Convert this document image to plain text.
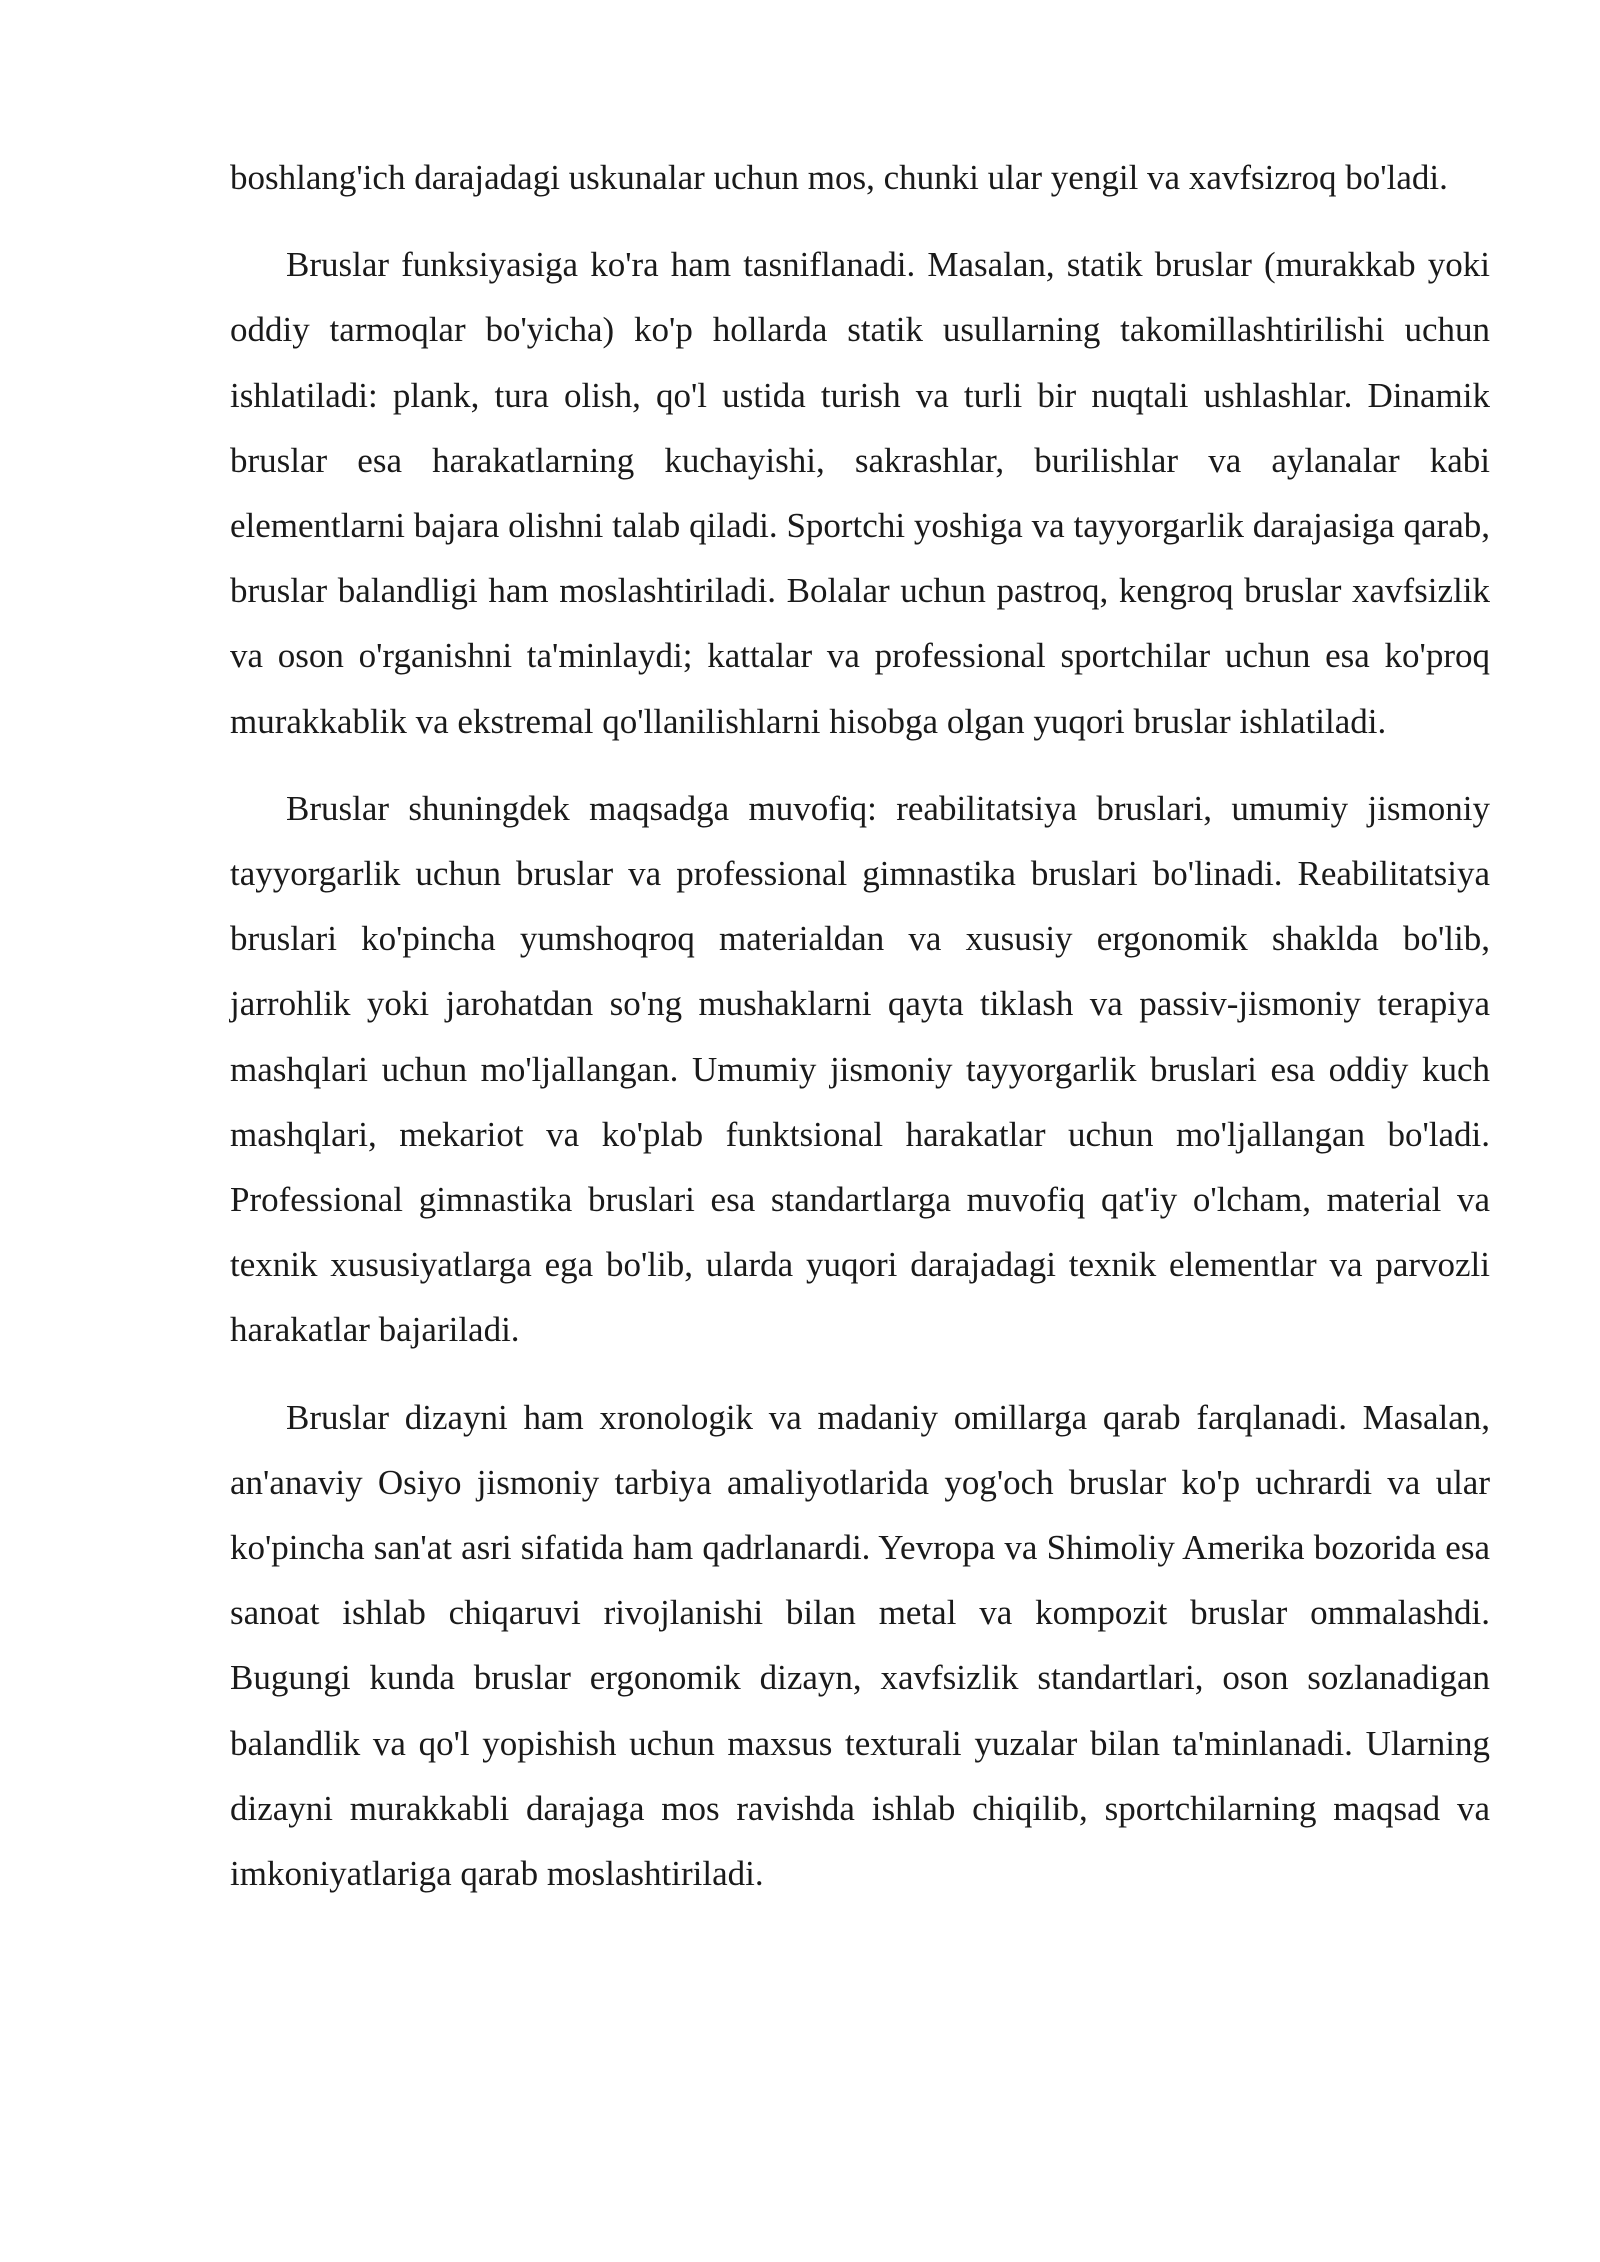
boshlang'ich darajadagi uskunalar uchun mos, chunki ular yengil va xavfsizroq bo'ladi.

Bruslar funksiyasiga ko'ra ham tasniflanadi. Masalan, statik bruslar (murakkab yoki oddiy tarmoqlar bo'yicha) ko'p hollarda statik usullarning takomillashtirilishi uchun ishlatiladi: plank, tura olish, qo'l ustida turish va turli bir nuqtali ushlashlar. Dinamik bruslar esa harakatlarning kuchayishi, sakrashlar, burilishlar va aylanalar kabi elementlarni bajara olishni talab qiladi. Sportchi yoshiga va tayyorgarlik darajasiga qarab, bruslar balandligi ham moslashtiriladi. Bolalar uchun pastroq, kengroq bruslar xavfsizlik va oson o'rganishni ta'minlaydi; kattalar va professional sportchilar uchun esa ko'proq murakkablik va ekstremal qo'llanilishlarni hisobga olgan yuqori bruslar ishlatiladi.

Bruslar shuningdek maqsadga muvofiq: reabilitatsiya bruslari, umumiy jismoniy tayyorgarlik uchun bruslar va professional gimnastika bruslari bo'linadi. Reabilitatsiya bruslari ko'pincha yumshoqroq materialdan va xususiy ergonomik shaklda bo'lib, jarrohlik yoki jarohatdan so'ng mushaklarni qayta tiklash va passiv-jismoniy terapiya mashqlari uchun mo'ljallangan. Umumiy jismoniy tayyorgarlik bruslari esa oddiy kuch mashqlari, mekariot va ko'plab funktsional harakatlar uchun mo'ljallangan bo'ladi. Professional gimnastika bruslari esa standartlarga muvofiq qat'iy o'lcham, material va texnik xususiyatlarga ega bo'lib, ularda yuqori darajadagi texnik elementlar va parvozli harakatlar bajariladi.

Bruslar dizayni ham xronologik va madaniy omillarga qarab farqlanadi. Masalan, an'anaviy Osiyo jismoniy tarbiya amaliyotlarida yog'och bruslar ko'p uchrardi va ular ko'pincha san'at asri sifatida ham qadrlanardi. Yevropa va Shimoliy Amerika bozorida esa sanoat ishlab chiqaruvi rivojlanishi bilan metal va kompozit bruslar ommalashdi. Bugungi kunda bruslar ergonomik dizayn, xavfsizlik standartlari, oson sozlanadigan balandlik va qo'l yopishish uchun maxsus texturali yuzalar bilan ta'minlanadi. Ularning dizayni murakkabli darajaga mos ravishda ishlab chiqilib, sportchilarning maqsad va imkoniyatlariga qarab moslashtiriladi.
